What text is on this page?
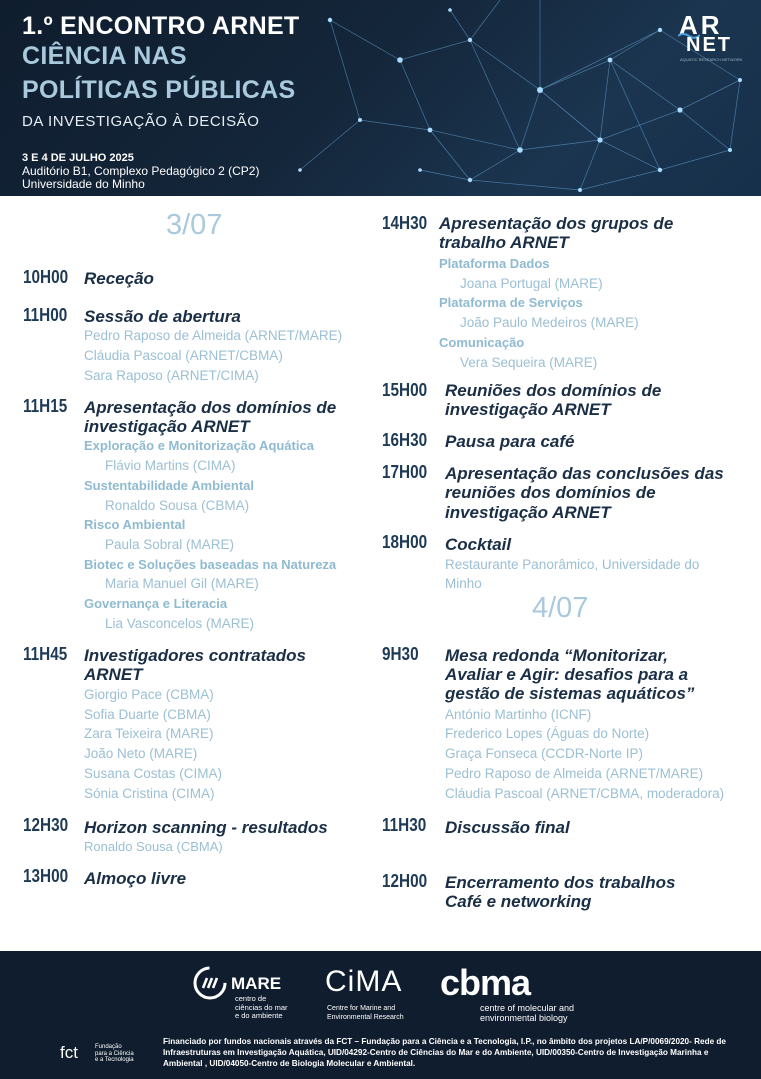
1.º ENCONTRO ARNET
CIÊNCIA NAS
POLÍTICAS PÚBLICAS
DA INVESTIGAÇÃO À DECISÃO
3 E 4 DE JULHO 2025
Auditório B1, Complexo Pedagógico 2 (CP2)
Universidade do Minho
AR
NET
AQUATIC RESEARCH NETWORK
3/07
10H00 Receção
11H00 Sessão de abertura
Pedro Raposo de Almeida (ARNET/MARE)
Cláudia Pascoal (ARNET/CBMA)
Sara Raposo (ARNET/CIMA)
11H15 Apresentação dos domínios de
investigação ARNET
Exploração e Monitorização Aquática
Flávio Martins (CIMA)
Sustentabilidade Ambiental
Ronaldo Sousa (CBMA)
Risco Ambiental
Paula Sobral (MARE)
Biotec e Soluções baseadas na Natureza
Maria Manuel Gil (MARE)
Governança e Literacia
Lia Vasconcelos (MARE)
11H45 Investigadores contratados
ARNET
Giorgio Pace (CBMA)
Sofia Duarte (CBMA)
Zara Teixeira (MARE)
João Neto (MARE)
Susana Costas (CIMA)
Sónia Cristina (CIMA)
12H30 Horizon scanning - resultados
Ronaldo Sousa (CBMA)
13H00 Almoço livre
14H30 Apresentação dos grupos de
trabalho ARNET
Plataforma Dados
Joana Portugal (MARE)
Plataforma de Serviços
João Paulo Medeiros (MARE)
Comunicação
Vera Sequeira (MARE)
15H00 Reuniões dos domínios de
investigação ARNET
16H30 Pausa para café
17H00 Apresentação das conclusões das
reuniões dos domínios de
investigação ARNET
18H00 Cocktail
Restaurante Panorâmico, Universidade do
Minho
4/07
9H30 Mesa redonda “Monitorizar,
Avaliar e Agir: desafios para a
gestão de sistemas aquáticos”
António Martinho (ICNF)
Frederico Lopes (Águas do Norte)
Graça Fonseca (CCDR-Norte IP)
Pedro Raposo de Almeida (ARNET/MARE)
Cláudia Pascoal (ARNET/CBMA, moderadora)
11H30 Discussão final
12H00 Encerramento dos trabalhos
Café e networking
MARE
centro de
ciências do mar
e do ambiente
CiMA
Centre for Marine and
Environmental Research
cbma
centre of molecular and
environmental biology
fct	Fundação
para a Ciência
e a Tecnologia
Financiado por fundos nacionais através da FCT – Fundação para a Ciência e a Tecnologia, I.P., no âmbito dos projetos LA/P/0069/2020- Rede de Infraestruturas em Investigação Aquática, UID/04292-Centro de Ciências do Mar e do Ambiente, UID/00350-Centro de Investigação Marinha e Ambiental , UID/04050-Centro de Biologia Molecular e Ambiental.
